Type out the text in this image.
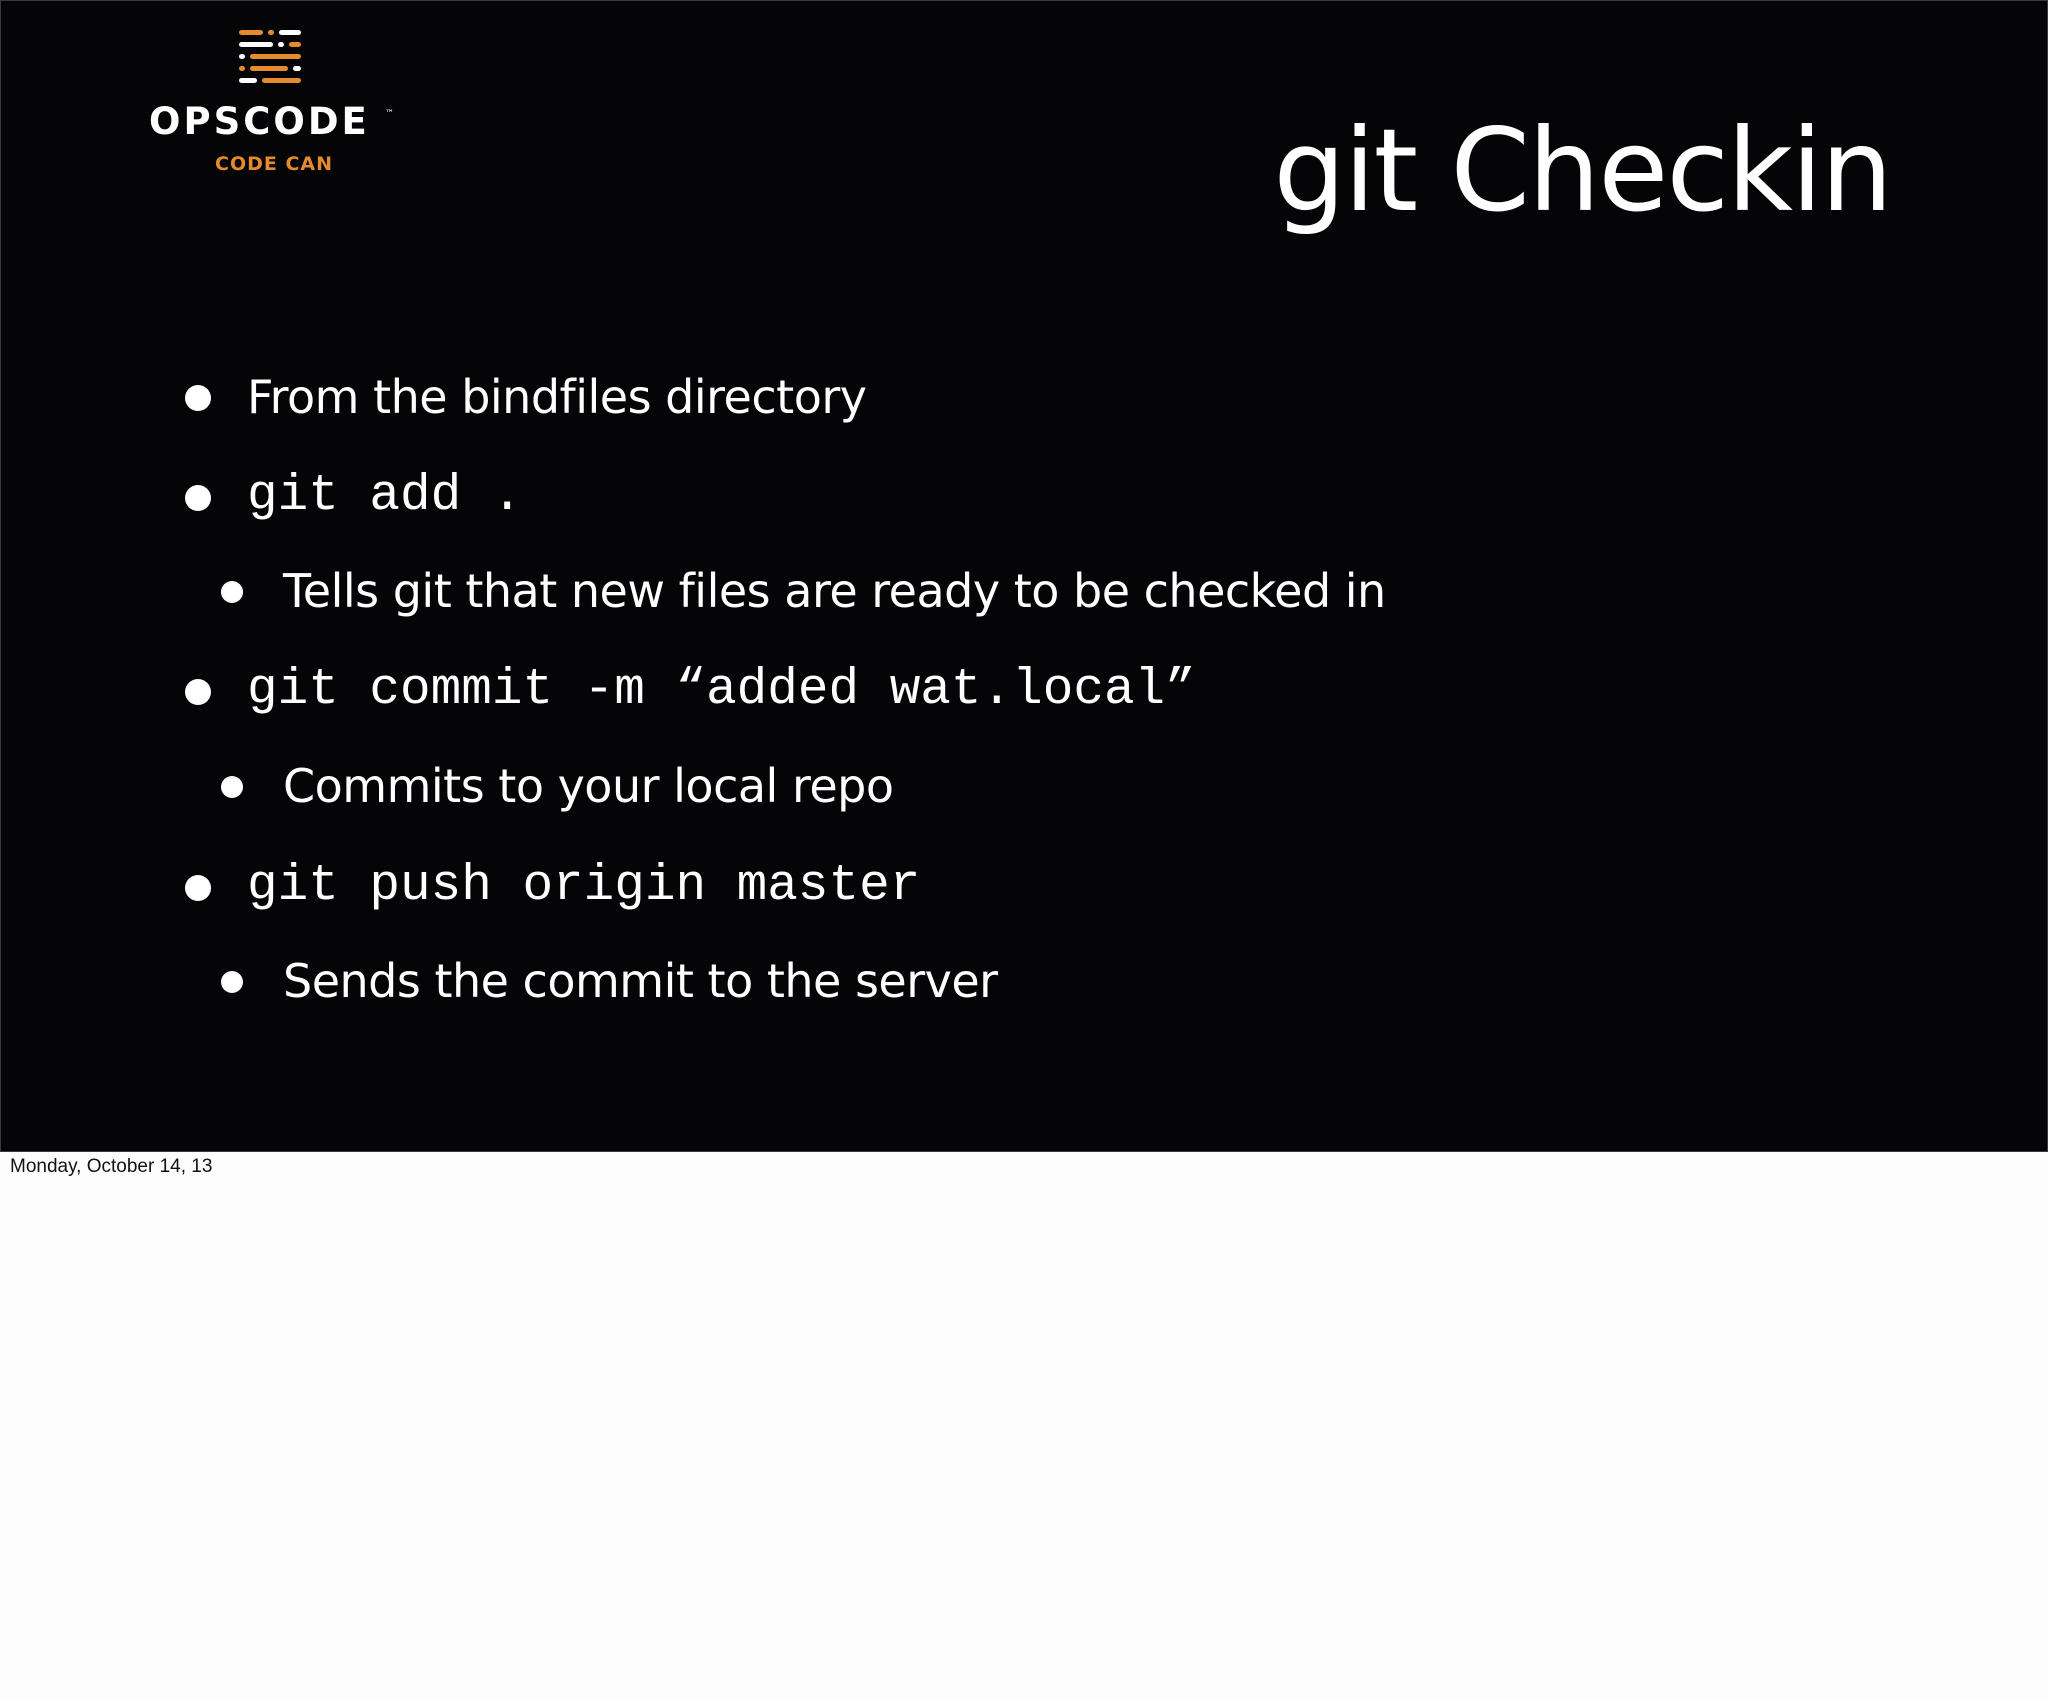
OPSCODE ™
CODE CAN	git Checkin
From the bindfiles directory
git add .
Tells git that new files are ready to be checked in
git commit -m “added wat.local”
Commits to your local repo
git push origin master
Sends the commit to the server
Monday, October 14, 13
